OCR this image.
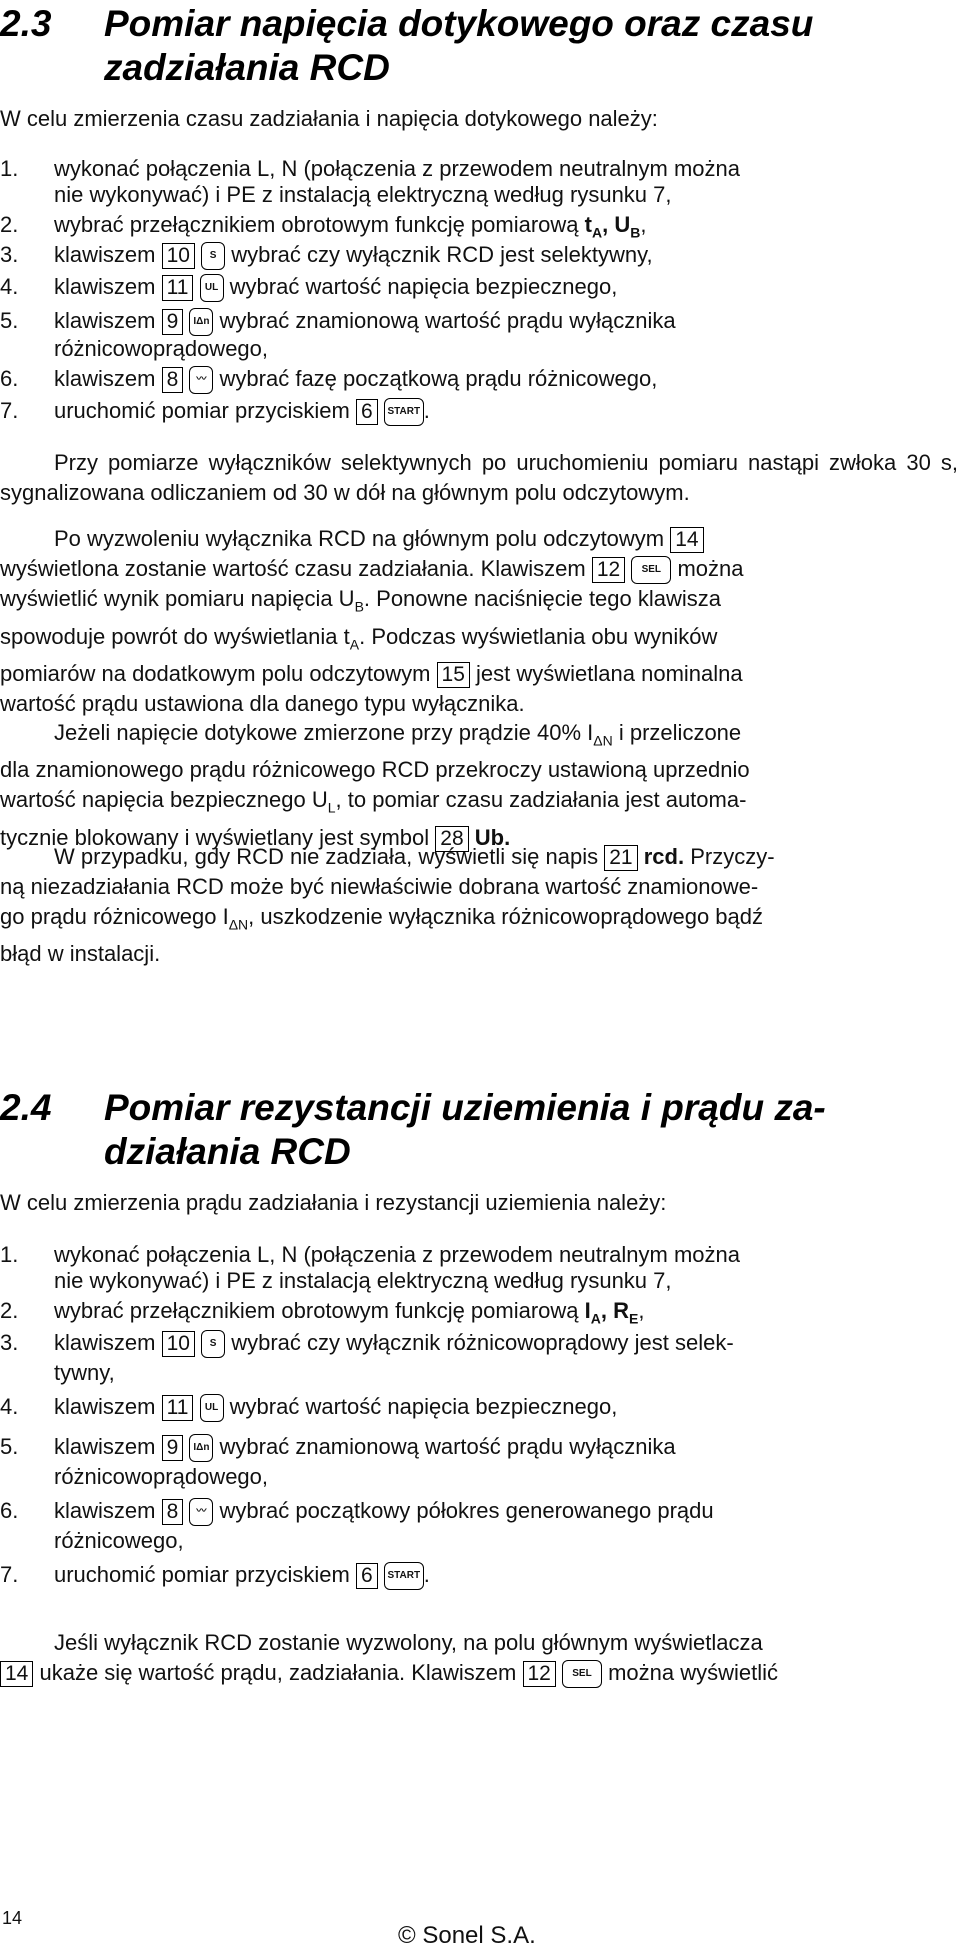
2.3 Pomiar napięcia dotykowego oraz czasu
zadziałania RCD
W celu zmierzenia czasu zadziałania i napięcia dotykowego należy:
1. wykonać połączenia L, N (połączenia z przewodem neutralnym można
nie wykonywać) i PE z instalacją elektryczną według rysunku 7,
2. wybrać przełącznikiem obrotowym funkcję pomiarową $t_A$, $U_B$,
3. klawiszem 10 S wybrać czy wyłącznik RCD jest selektywny,
4. klawiszem 11 UL wybrać wartość napięcia bezpiecznego,
5. klawiszem 9 IΔn wybrać znamionową wartość prądu wyłącznika
różnicowoprądowego,
6. klawiszem 8 〰 wybrać fazę początkową prądu różnicowego,
7. uruchomić pomiar przyciskiem 6 START .
Przy pomiarze wyłączników selektywnych po uruchomieniu pomiaru nastąpi zwłoka 30 s, sygnalizowana odliczaniem od 30 w dół na głównym polu odczytowym.
Po wyzwoleniu wyłącznika RCD na głównym polu odczytowym 14
wyświetlona zostanie wartość czasu zadziałania. Klawiszem 12 SEL można
wyświetlić wynik pomiaru napięcia $U_B$. Ponowne naciśnięcie tego klawisza
spowoduje powrót do wyświetlania $t_A$. Podczas wyświetlania obu wyników
pomiarów na dodatkowym polu odczytowym 15 jest wyświetlana nominalna
wartość prądu ustawiona dla danego typu wyłącznika.
Jeżeli napięcie dotykowe zmierzone przy prądzie 40% $I_{\Delta N}$ i przeliczone
dla znamionowego prądu różnicowego RCD przekroczy ustawioną uprzednio
wartość napięcia bezpiecznego $U_L$, to pomiar czasu zadziałania jest automa-
tycznie blokowany i wyświetlany jest symbol 28 Ub.
W przypadku, gdy RCD nie zadziała, wyświetli się napis 21 rcd. Przyczy-
ną niezadziałania RCD może być niewłaściwie dobrana wartość znamionowe-
go prądu różnicowego $I_{\Delta N}$, uszkodzenie wyłącznika różnicowoprądowego bądź
błąd w instalacji.
2.4 Pomiar rezystancji uziemienia i prądu za-
działania RCD
W celu zmierzenia prądu zadziałania i rezystancji uziemienia należy:
1. wykonać połączenia L, N (połączenia z przewodem neutralnym można
nie wykonywać) i PE z instalacją elektryczną według rysunku 7,
2. wybrać przełącznikiem obrotowym funkcję pomiarową $I_A$, $R_E$,
3. klawiszem 10 S wybrać czy wyłącznik różnicowoprądowy jest selek-
tywny,
4. klawiszem 11 UL wybrać wartość napięcia bezpiecznego,
5. klawiszem 9 IΔn wybrać znamionową wartość prądu wyłącznika
różnicowoprądowego,
6. klawiszem 8 〰 wybrać początkowy półokres generowanego prądu
różnicowego,
7. uruchomić pomiar przyciskiem 6 START .
Jeśli wyłącznik RCD zostanie wyzwolony, na polu głównym wyświetlacza
14 ukaże się wartość prądu, zadziałania. Klawiszem 12 SEL można wyświetlić
14
© Sonel S.A.
